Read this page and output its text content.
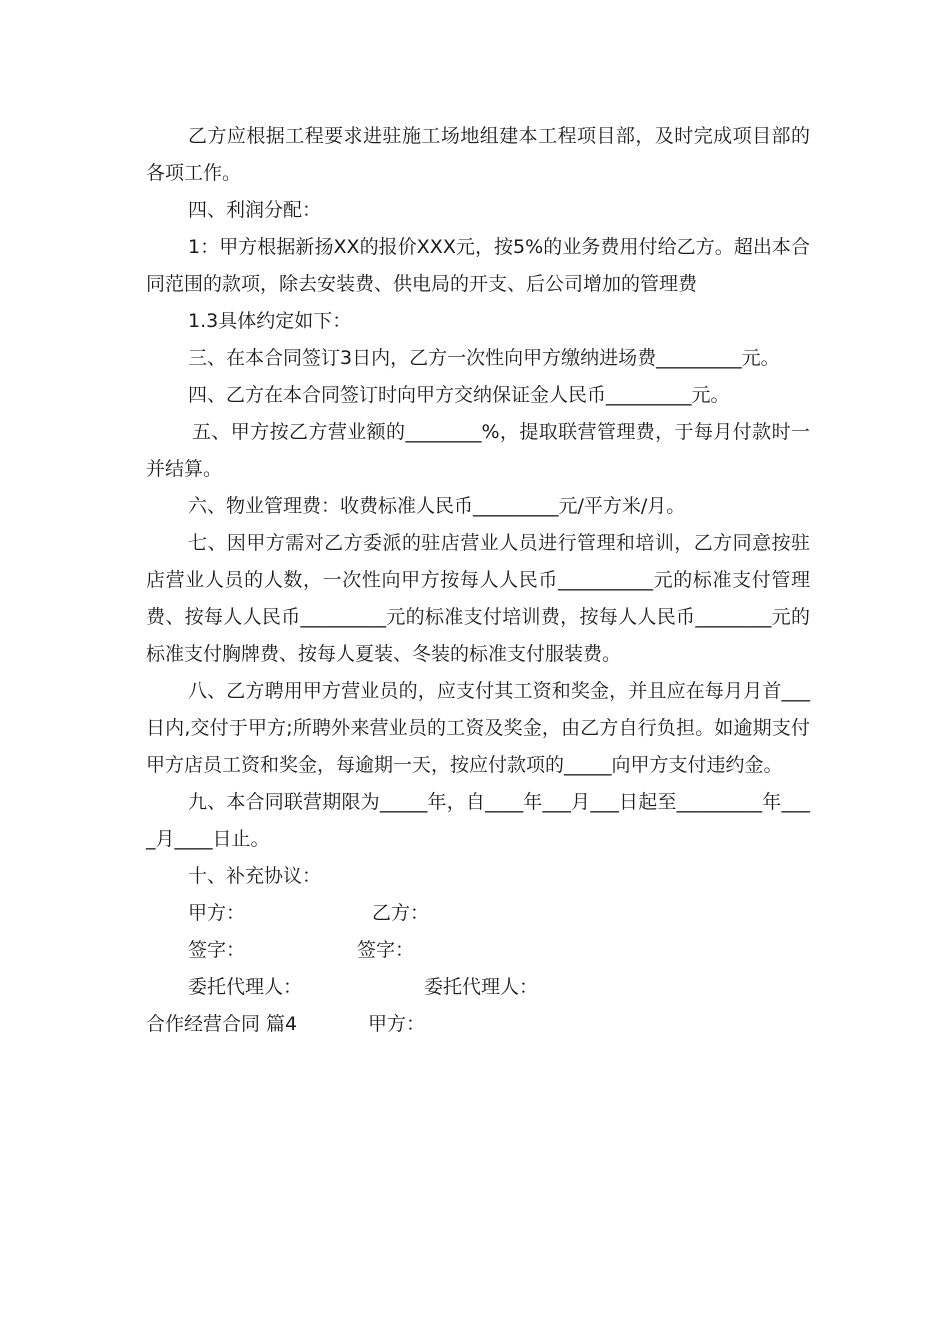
乙方应根据工程要求进驻施工场地组建本工程项目部，及时完成项目部的各项工作。

四、利润分配：

1：甲方根据新扬XX的报价XXX元，按5%的业务费用付给乙方。超出本合同范围的款项，除去安装费、供电局的开支、后公司增加的管理费

1.3具体约定如下：

三、在本合同签订3日内，乙方一次性向甲方缴纳进场费_________元。

四、乙方在本合同签订时向甲方交纳保证金人民币_________元。

五、甲方按乙方营业额的________%，提取联营管理费，于每月付款时一并结算。

六、物业管理费：收费标准人民币_________元/平方米/月。

七、因甲方需对乙方委派的驻店营业人员进行管理和培训，乙方同意按驻店营业人员的人数，一次性向甲方按每人人民币__________元的标准支付管理费、按每人人民币_________元的标准支付培训费，按每人人民币________元的标准支付胸牌费、按每人夏装、冬装的标准支付服装费。

八、乙方聘用甲方营业员的，应支付其工资和奖金，并且应在每月月首___日内,交付于甲方;所聘外来营业员的工资及奖金，由乙方自行负担。如逾期支付甲方店员工资和奖金，每逾期一天，按应付款项的_____向甲方支付违约金。

九、本合同联营期限为_____年，自____年___月___日起至_________年____月____日止。

十、补充协议：

甲方：	乙方：
签字：	签字：
委托代理人：	委托代理人：
合作经营合同 篇4	甲方：
